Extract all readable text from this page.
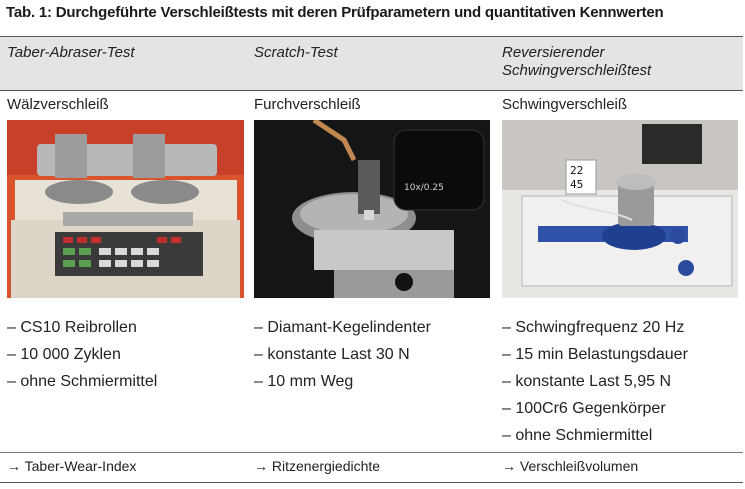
Tab. 1: Durchgeführte Verschleißtests mit deren Prüfparametern und quantitativen Kennwerten
Taber-Abraser-Test
Wälzverschleiß
– CS10 Reibrollen
– 10 000 Zyklen
– ohne Schmiermittel
→ Taber-Wear-Index
Scratch-Test
Furchverschleiß
10x/0.25
– Diamant-Kegelindenter
– konstante Last 30 N
– 10 mm Weg
→ Ritzenergiedichte
Reversierender
Schwingverschleißtest
Schwingverschleiß
22
45
– Schwingfrequenz 20 Hz
– 15 min Belastungsdauer
– konstante Last 5,95 N
– 100Cr6 Gegenkörper
– ohne Schmiermittel
→ Verschleißvolumen
